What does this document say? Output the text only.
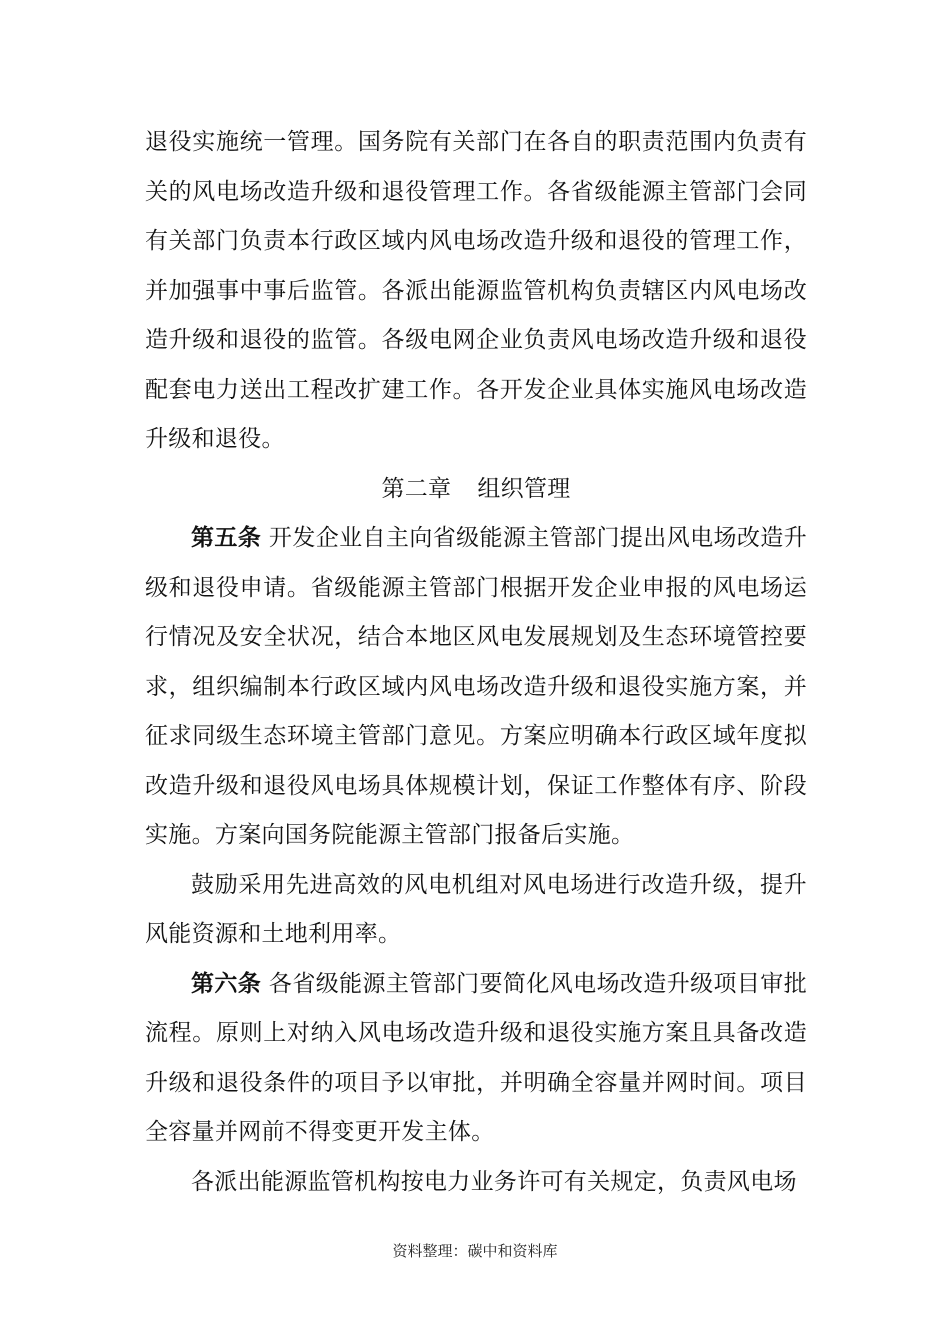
退役实施统一管理。国务院有关部门在各自的职责范围内负责有关的风电场改造升级和退役管理工作。各省级能源主管部门会同有关部门负责本行政区域内风电场改造升级和退役的管理工作，并加强事中事后监管。各派出能源监管机构负责辖区内风电场改造升级和退役的监管。各级电网企业负责风电场改造升级和退役配套电力送出工程改扩建工作。各开发企业具体实施风电场改造升级和退役。

第二章 组织管理

第五条 开发企业自主向省级能源主管部门提出风电场改造升级和退役申请。省级能源主管部门根据开发企业申报的风电场运行情况及安全状况，结合本地区风电发展规划及生态环境管控要求，组织编制本行政区域内风电场改造升级和退役实施方案，并征求同级生态环境主管部门意见。方案应明确本行政区域年度拟改造升级和退役风电场具体规模计划，保证工作整体有序、阶段实施。方案向国务院能源主管部门报备后实施。

鼓励采用先进高效的风电机组对风电场进行改造升级，提升风能资源和土地利用率。

第六条 各省级能源主管部门要简化风电场改造升级项目审批流程。原则上对纳入风电场改造升级和退役实施方案且具备改造升级和退役条件的项目予以审批，并明确全容量并网时间。项目全容量并网前不得变更开发主体。

各派出能源监管机构按电力业务许可有关规定，负责风电场

资料整理：碳中和资料库
